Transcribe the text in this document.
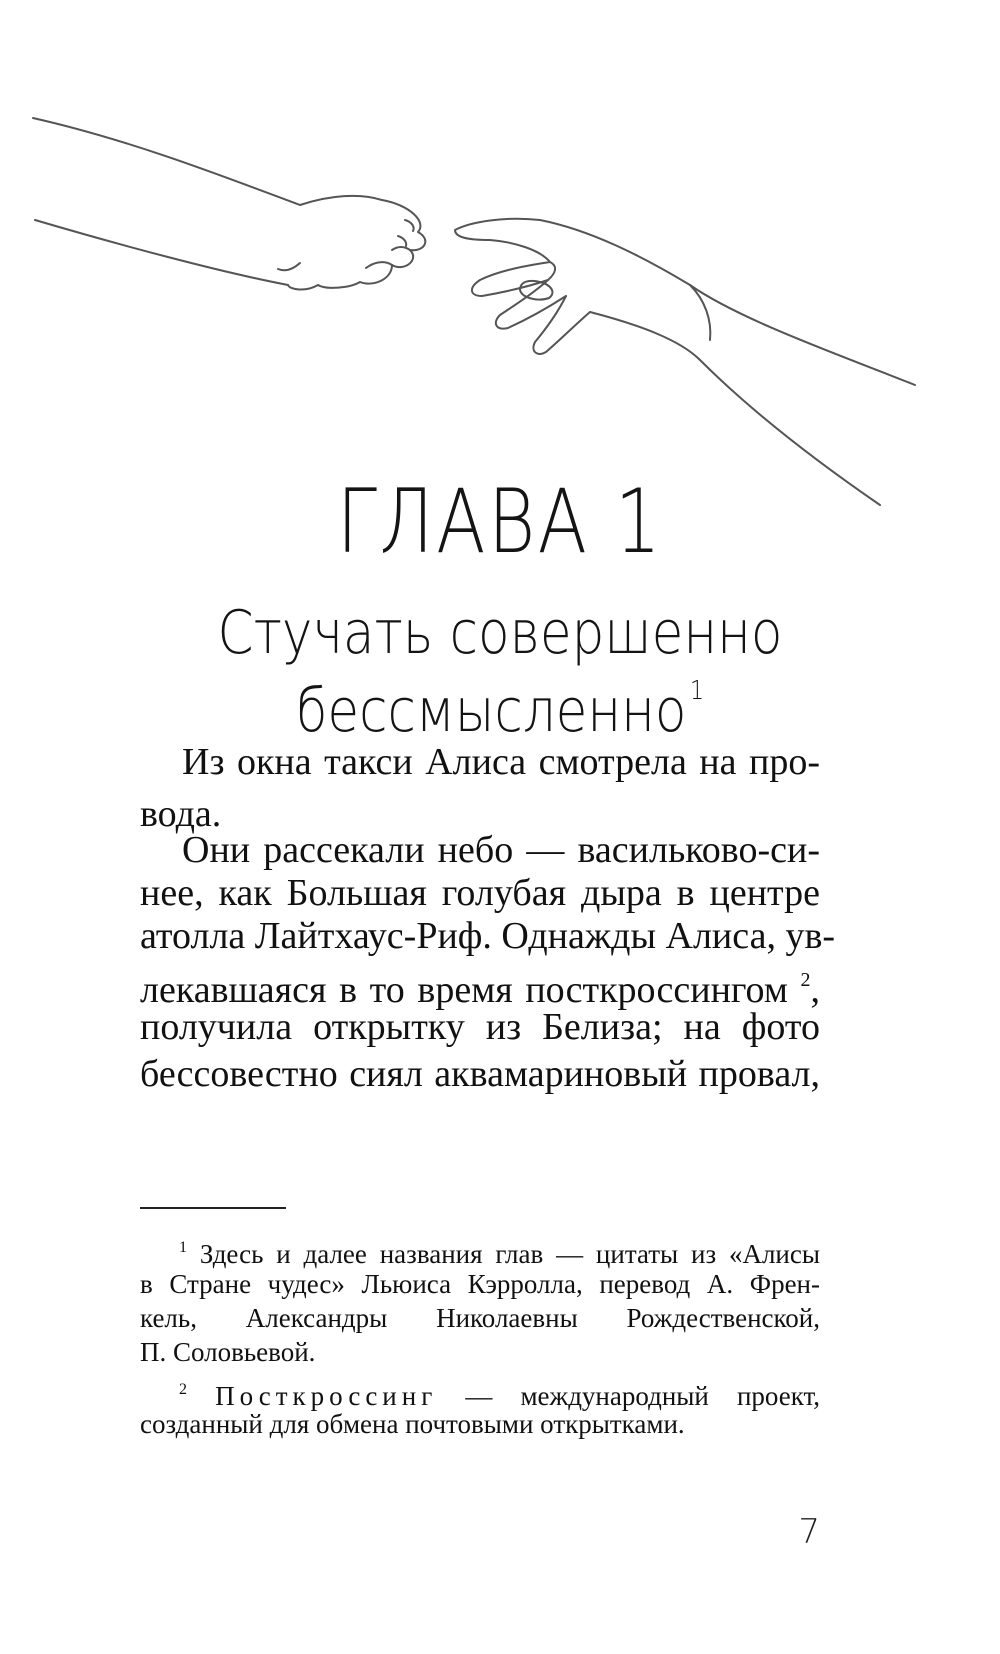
ГЛАВА 1
Стучать совершенно
бессмысленно $^1$
Из окна такси Алиса смотрела на про-
вода.
Они рассекали небо — васильково-си-
нее, как Большая голубая дыра в центре
атолла Лайтхаус-Риф. Однажды Алиса, ув-
лекавшаяся в то время посткроссингом $^2$,
получила открытку из Белиза; на фото
бессовестно сиял аквамариновый провал,
$^1$ Здесь и далее названия глав — цитаты из «Алисы
в Стране чудес» Льюиса Кэрролла, перевод А. Френ-
кель, Александры Николаевны Рождественской,
П. Соловьевой.
$^2$ Посткроссинг — международный проект,
созданный для обмена почтовыми открытками.
7
